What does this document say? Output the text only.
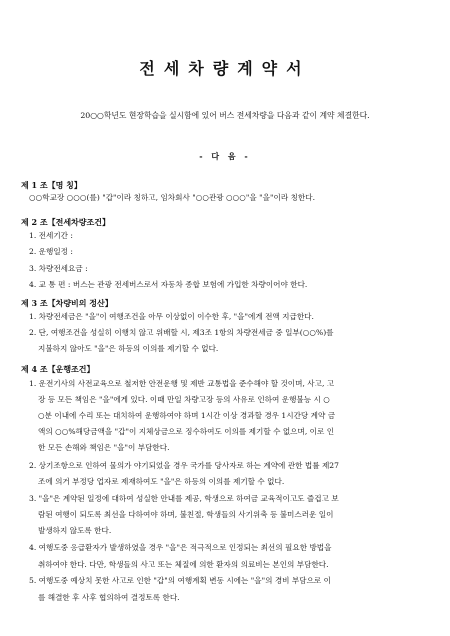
전세차량계약서
20○○학년도 현장학습을 실시함에 있어 버스 전세차량을 다음과 같이 계약 체결한다.
- 다 음 -
제 1 조【명 칭】
○○학교장 ○○○(를) "갑"이라 칭하고, 임차회사 "○○관광 ○○○"을 "을"이라 칭한다.
제 2 조【전세차량조건】
1. 전세기간 :
2. 운행일정 :
3. 차량전세요금 :
4. 교 통 편 : 버스는 관광 전세버스로서 자동차 종합 보험에 가입한 차량이어야 한다.
제 3 조【차량비의 정산】
1. 차량전세금은 "을"이 여행조건을 아무 이상없이 이수한 후, "을"에게 전액 지급한다.
2. 단, 여행조건을 성실히 이행치 않고 위배할 시, 제3조 1항의 차량전세금 중 일부(○○%)를
지불하지 않아도 "을"은 하등의 이의를 제기할 수 없다.
제 4 조【운행조건】
1. 운전기사의 사전교육으로 철저한 안전운행 및 제반 교통법을 준수해야 할 것이며, 사고, 고
장 등 모든 책임은 "을"에게 있다. 이때 만일 차량고장 등의 사유로 인하여 운행불능 시 ○
○분 이내에 수리 또는 대치하여 운행하여야 하며 1시간 이상 경과할 경우 1시간당 계약 금
액의 ○○%해당금액을 "갑"이 지체상금으로 징수하여도 이의를 제기할 수 없으며, 이로 인
한 모든 손해와 책임은 "을"이 부담한다.
2. 상기조항으로 인하여 물의가 야기되었을 경우 국가를 당사자로 하는 계약에 관한 법률 제27
조에 의거 부정당 업자로 제재하여도 "을"은 하등의 이의를 제기할 수 없다.
3. "을"은 계약된 일정에 대하여 성실한 안내를 제공, 학생으로 하여금 교육적이고도 즐겁고 보
람된 여행이 되도록 최선을 다하여야 하며, 불친절, 학생들의 사기위축 등 불미스러운 일이
발생하지 않도록 한다.
4. 여행도중 응급환자가 발생하였을 경우 "을"은 적극적으로 인정되는 최선의 필요한 방법을
취하여야 한다. 다만, 학생들의 사고 또는 체질에 의한 환자의 의료비는 본인의 부담한다.
5. 여행도중 예상치 못한 사고로 인한 "갑"의 여행계획 변동 시에는 "을"의 경비 부담으로 이
를 해결한 후 사후 협의하여 결정토록 한다.
